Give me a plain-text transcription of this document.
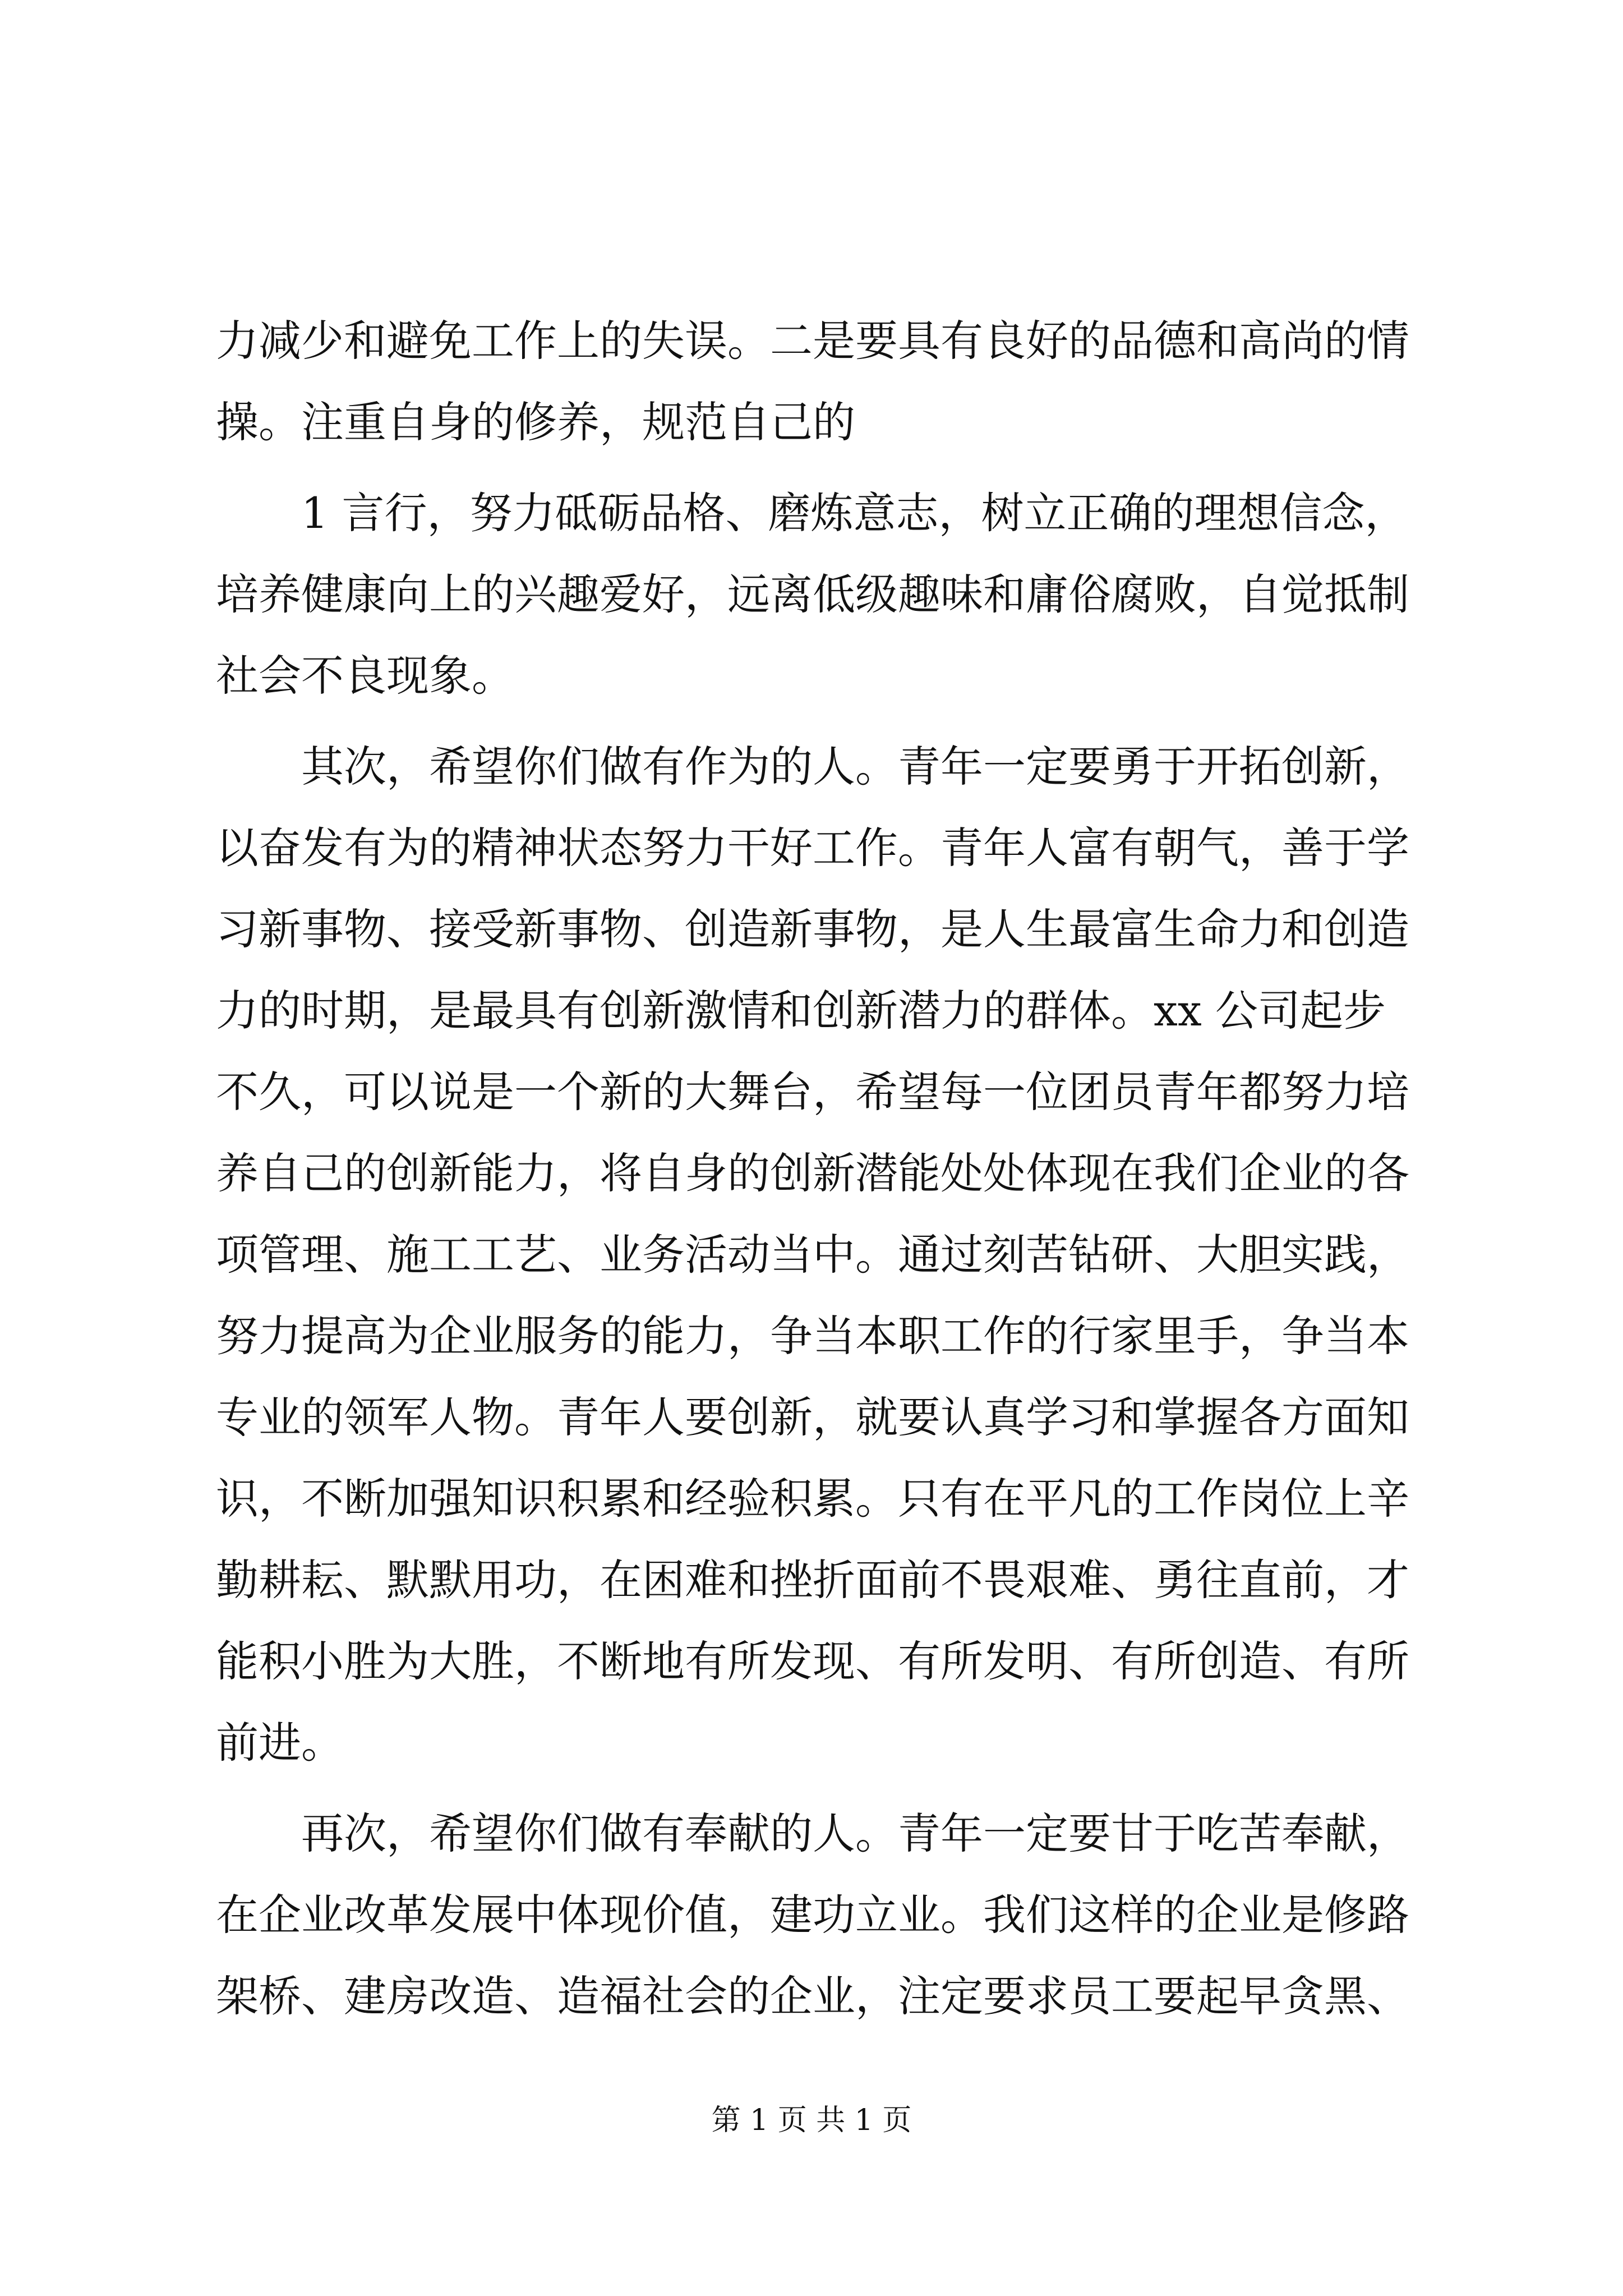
力减少和避免工作上的失误。二是要具有良好的品德和高尚的情
操。注重自身的修养，规范自己的
1 言行，努力砥砺品格、磨炼意志，树立正确的理想信念，
培养健康向上的兴趣爱好，远离低级趣味和庸俗腐败，自觉抵制
社会不良现象。
其次，希望你们做有作为的人。青年一定要勇于开拓创新，
以奋发有为的精神状态努力干好工作。青年人富有朝气，善于学
习新事物、接受新事物、创造新事物，是人生最富生命力和创造
力的时期，是最具有创新激情和创新潜力的群体。xx 公司起步
不久，可以说是一个新的大舞台，希望每一位团员青年都努力培
养自己的创新能力，将自身的创新潜能处处体现在我们企业的各
项管理、施工工艺、业务活动当中。通过刻苦钻研、大胆实践，
努力提高为企业服务的能力，争当本职工作的行家里手，争当本
专业的领军人物。青年人要创新，就要认真学习和掌握各方面知
识，不断加强知识积累和经验积累。只有在平凡的工作岗位上辛
勤耕耘、默默用功，在困难和挫折面前不畏艰难、勇往直前，才
能积小胜为大胜，不断地有所发现、有所发明、有所创造、有所
前进。
再次，希望你们做有奉献的人。青年一定要甘于吃苦奉献，
在企业改革发展中体现价值，建功立业。我们这样的企业是修路
架桥、建房改造、造福社会的企业，注定要求员工要起早贪黑、
第 1 页 共 1 页
